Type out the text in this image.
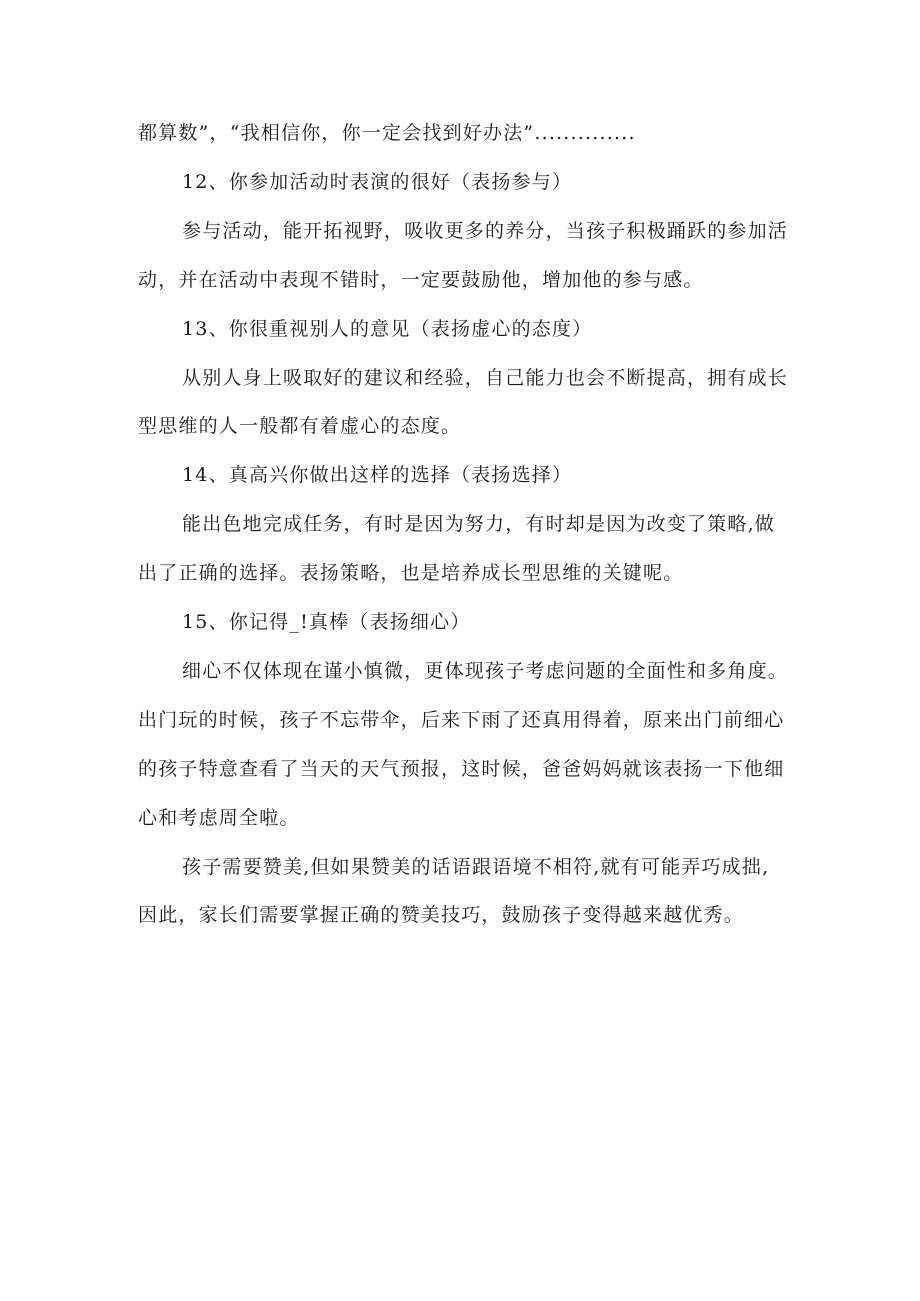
都算数”，“我相信你，你一定会找到好办法”..............
12、你参加活动时表演的很好（表扬参与）
参与活动，能开拓视野，吸收更多的养分，当孩子积极踊跃的参加活
动，并在活动中表现不错时，一定要鼓励他，增加他的参与感。
13、你很重视别人的意见（表扬虚心的态度）
从别人身上吸取好的建议和经验，自己能力也会不断提高，拥有成长
型思维的人一般都有着虚心的态度。
14、真高兴你做出这样的选择（表扬选择）
能出色地完成任务，有时是因为努力，有时却是因为改变了策略,做
出了正确的选择。表扬策略，也是培养成长型思维的关键呢。
15、你记得_!真棒（表扬细心）
细心不仅体现在谨小慎微，更体现孩子考虑问题的全面性和多角度。
出门玩的时候，孩子不忘带伞，后来下雨了还真用得着，原来出门前细心
的孩子特意查看了当天的天气预报，这时候，爸爸妈妈就该表扬一下他细
心和考虑周全啦。
孩子需要赞美,但如果赞美的话语跟语境不相符,就有可能弄巧成拙,
因此，家长们需要掌握正确的赞美技巧，鼓励孩子变得越来越优秀。
